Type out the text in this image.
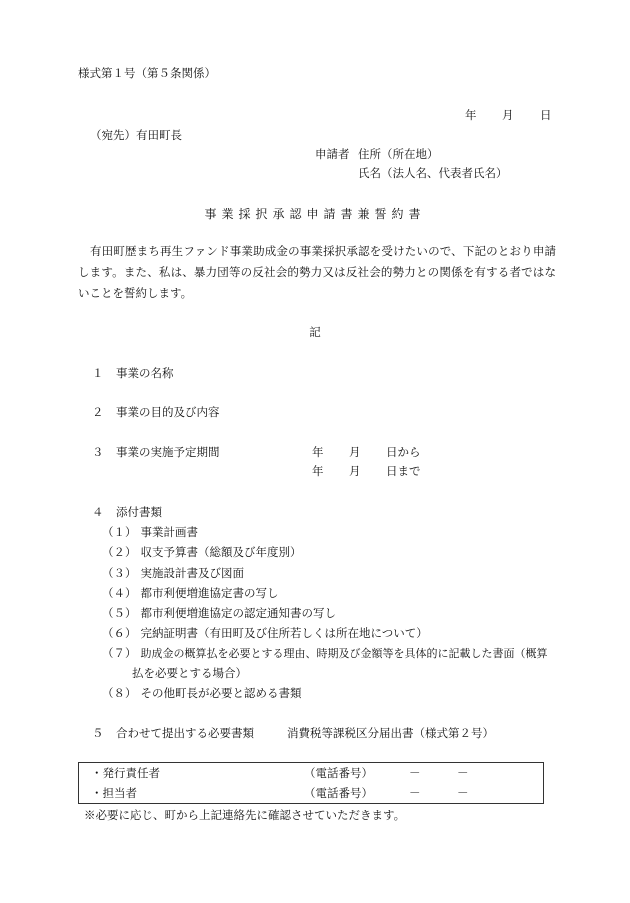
様式第１号（第５条関係）
年 月 日
（宛先）有田町長
申請者 住所（所在地）
氏名（法人名、代表者氏名）
事業採択承認申請書兼誓約書
有田町歴まち再生ファンド事業助成金の事業採択承認を受けたいので、下記のとおり申請します。また、私は、暴力団等の反社会的勢力又は反社会的勢力との関係を有する者ではないことを誓約します。
記
１ 事業の名称
２ 事業の目的及び内容
３ 事業の実施予定期間	年 月 日から
年 月 日まで
４ 添付書類
（１） 事業計画書
（２） 収支予算書（総額及び年度別）
（３） 実施設計書及び図面
（４） 都市利便増進協定書の写し
（５） 都市利便増進協定の認定通知書の写し
（６） 完納証明書（有田町及び住所若しくは所在地について）
（７） 助成金の概算払を必要とする理由、時期及び金額等を具体的に記載した書面（概算
払を必要とする場合）
（８） その他町長が必要と認める書類
５ 合わせて提出する必要書類	消費税等課税区分届出書（様式第２号）
・発行責任者	（電話番号）	－	－
・担当者	（電話番号）	－	－
※必要に応じ、町から上記連絡先に確認させていただきます。
